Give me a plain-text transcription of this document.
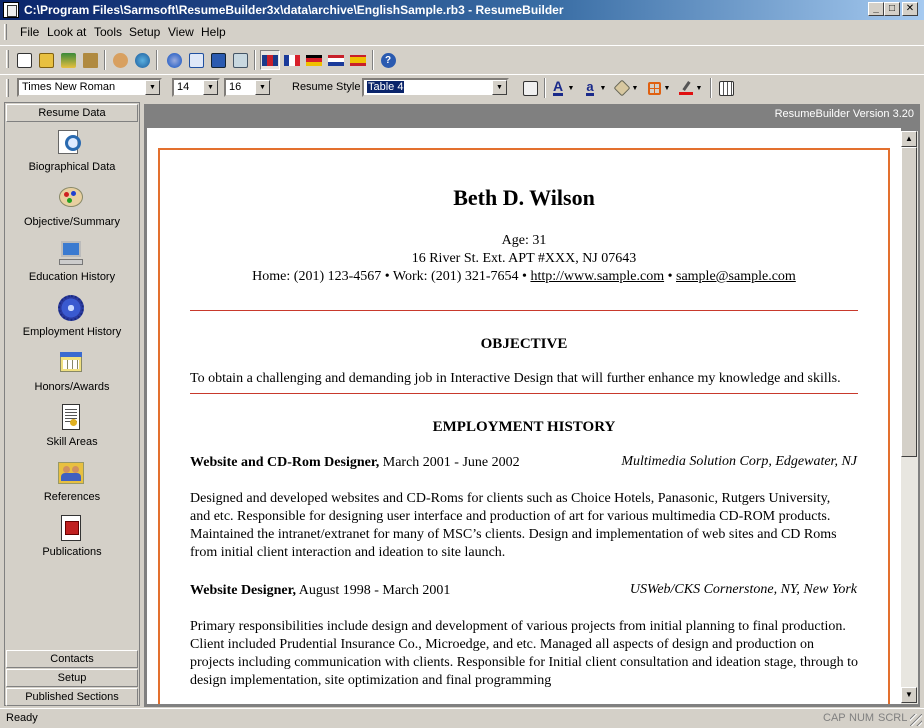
C:\Program Files\Sarmsoft\ResumeBuilder3x\data\archive\EnglishSample.rb3 - ResumeBuilder	_	□	✕
File Look at Tools Setup View Help
?
Times New Roman	▼	14	▼	16	▼	Table 4	▼	A ▼ a ▼	▼	▼	▼
Resume Style
Resume Data
Biographical Data
Objective/Summary
Education History
Employment History
Honors/Awards
Skill Areas
References
Publications
Contacts
Setup
Published Sections
ResumeBuilder Version 3.20
Beth D. Wilson
Age: 31
16 River St. Ext. APT #XXX, NJ 07643
Home: (201) 123-4567 • Work: (201) 321-7654 • http://www.sample.com • sample@sample.com
OBJECTIVE
To obtain a challenging and demanding job in Interactive Design that will further enhance my knowledge and skills.
EMPLOYMENT HISTORY
Website and CD-Rom Designer, March 2001 - June 2002	Multimedia Solution Corp, Edgewater, NJ
Designed and developed websites and CD-Roms for clients such as Choice Hotels, Panasonic, Rutgers University,
and etc. Responsible for designing user interface and production of art for various multimedia CD-ROM products.
Maintained the intranet/extranet for many of MSC’s clients. Design and implementation of web sites and CD Roms
from initial client interaction and ideation to site launch.
Website Designer, August 1998 - March 2001	USWeb/CKS Cornerstone, NY, New York
Primary responsibilities include design and development of various projects from initial planning to final production.
Client included Prudential Insurance Co., Microedge, and etc. Managed all aspects of design and production on
projects including communication with clients. Responsible for Initial client consultation and ideation stage, through to
design implementation, site optimization and final programming
▲
▼
Ready	CAP NUM SCRL
